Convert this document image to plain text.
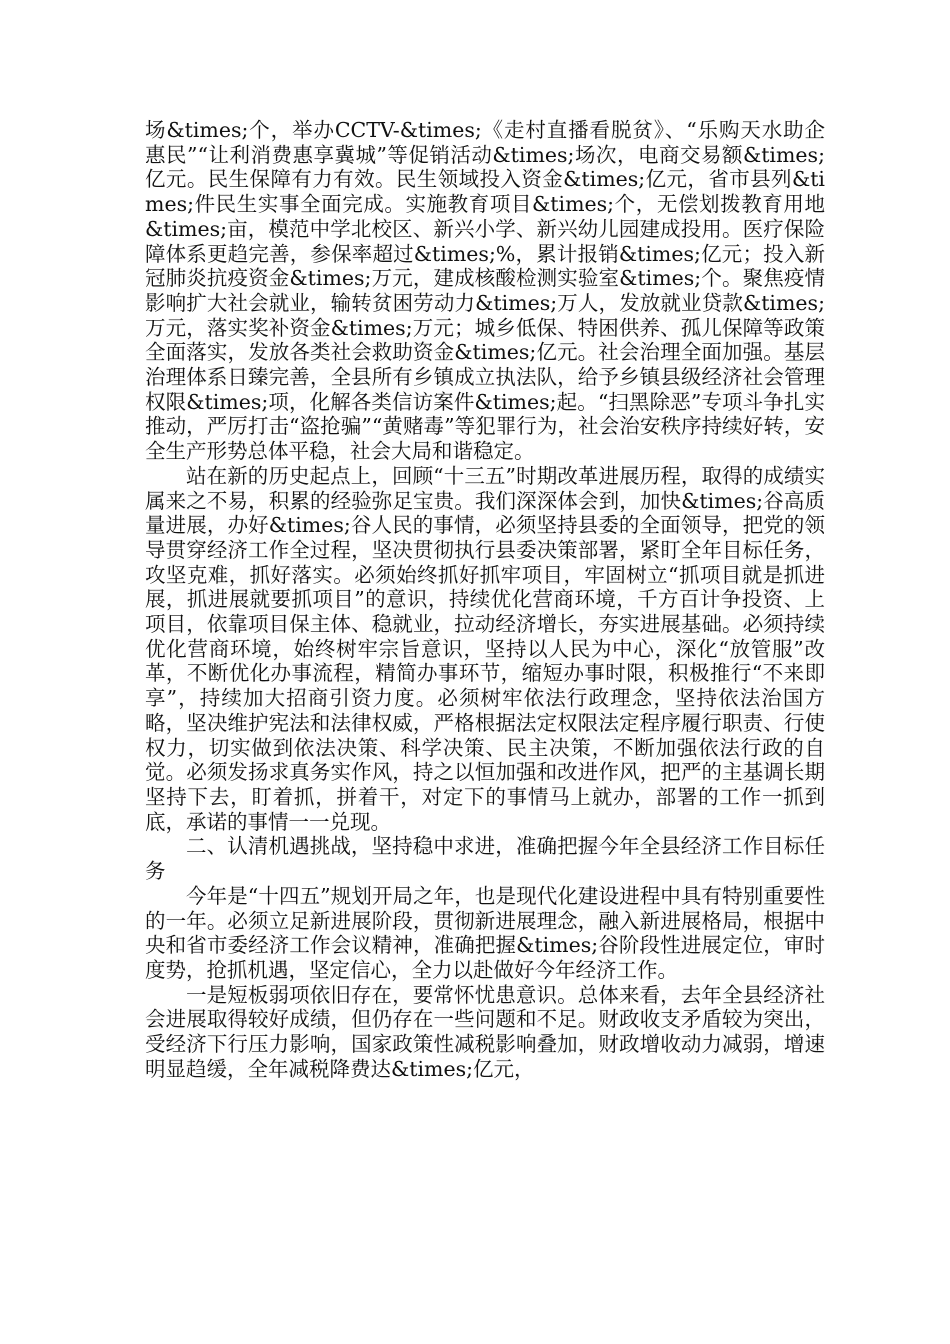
场&times;个，举办CCTV-&times;《走村直播看脱贫》、“乐购天水助企惠民”“让利消费惠享冀城”等促销活动&times;场次，电商交易额&times;亿元。民生保障有力有效。民生领域投入资金&times;亿元，省市县列&times;件民生实事全面完成。实施教育项目&times;个，无偿划拨教育用地&times;亩，模范中学北校区、新兴小学、新兴幼儿园建成投用。医疗保险障体系更趋完善，参保率超过&times;%，累计报销&times;亿元；投入新冠肺炎抗疫资金&times;万元，建成核酸检测实验室&times;个。聚焦疫情影响扩大社会就业，输转贫困劳动力&times;万人，发放就业贷款&times;万元，落实奖补资金&times;万元；城乡低保、特困供养、孤儿保障等政策全面落实，发放各类社会救助资金&times;亿元。社会治理全面加强。基层治理体系日臻完善，全县所有乡镇成立执法队，给予乡镇县级经济社会管理权限&times;项，化解各类信访案件&times;起。“扫黑除恶”专项斗争扎实推动，严厉打击“盗抢骗”“黄赌毒”等犯罪行为，社会治安秩序持续好转，安全生产形势总体平稳，社会大局和谐稳定。

站在新的历史起点上，回顾“十三五”时期改革进展历程，取得的成绩实属来之不易，积累的经验弥足宝贵。我们深深体会到，加快&times;谷高质量进展，办好&times;谷人民的事情，必须坚持县委的全面领导，把党的领导贯穿经济工作全过程，坚决贯彻执行县委决策部署，紧盯全年目标任务，攻坚克难，抓好落实。必须始终抓好抓牢项目，牢固树立“抓项目就是抓进展，抓进展就要抓项目”的意识，持续优化营商环境，千方百计争投资、上项目，依靠项目保主体、稳就业，拉动经济增长，夯实进展基础。必须持续优化营商环境，始终树牢宗旨意识，坚持以人民为中心，深化“放管服”改革，不断优化办事流程，精简办事环节，缩短办事时限，积极推行“不来即享”，持续加大招商引资力度。必须树牢依法行政理念，坚持依法治国方略，坚决维护宪法和法律权威，严格根据法定权限法定程序履行职责、行使权力，切实做到依法决策、科学决策、民主决策，不断加强依法行政的自觉。必须发扬求真务实作风，持之以恒加强和改进作风，把严的主基调长期坚持下去，盯着抓，拼着干，对定下的事情马上就办，部署的工作一抓到底，承诺的事情一一兑现。

二、认清机遇挑战，坚持稳中求进，准确把握今年全县经济工作目标任务

今年是“十四五”规划开局之年，也是现代化建设进程中具有特别重要性的一年。必须立足新进展阶段，贯彻新进展理念，融入新进展格局，根据中央和省市委经济工作会议精神，准确把握&times;谷阶段性进展定位，审时度势，抢抓机遇，坚定信心，全力以赴做好今年经济工作。

一是短板弱项依旧存在，要常怀忧患意识。总体来看，去年全县经济社会进展取得较好成绩，但仍存在一些问题和不足。财政收支矛盾较为突出，受经济下行压力影响，国家政策性减税影响叠加，财政增收动力减弱，增速明显趋缓，全年减税降费达&times;亿元，
